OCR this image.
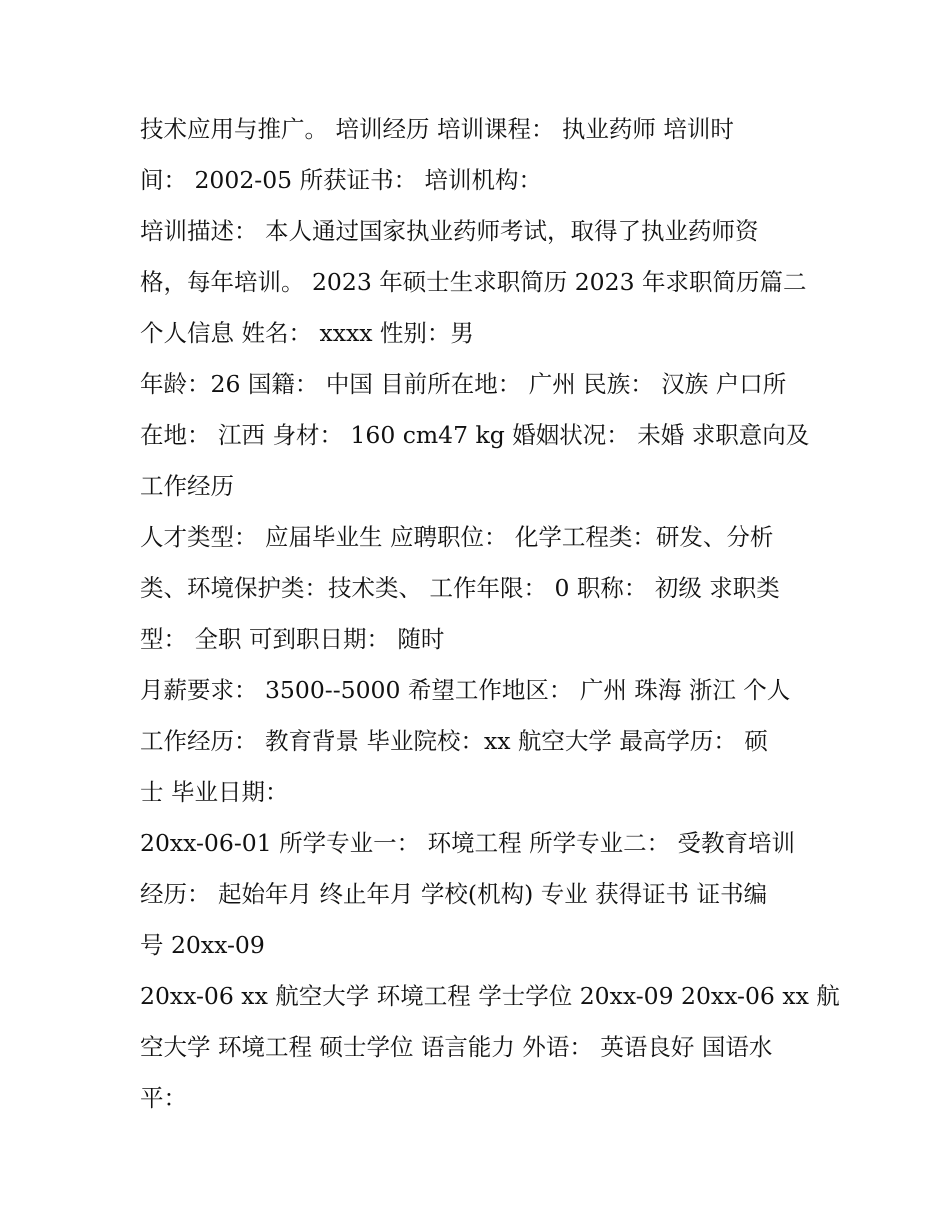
技术应用与推广。 培训经历 培训课程： 执业药师 培训时
间： 2002-05 所获证书： 培训机构：
培训描述： 本人通过国家执业药师考试，取得了执业药师资
格，每年培训。 2023 年硕士生求职简历 2023 年求职简历篇二
个人信息 姓名： xxxx 性别：男
年龄：26 国籍： 中国 目前所在地： 广州 民族： 汉族 户口所
在地： 江西 身材： 160 cm47 kg 婚姻状况： 未婚 求职意向及
工作经历
人才类型： 应届毕业生 应聘职位： 化学工程类：研发、分析
类、环境保护类：技术类、 工作年限： 0 职称： 初级 求职类
型： 全职 可到职日期： 随时
月薪要求： 3500--5000 希望工作地区： 广州 珠海 浙江 个人
工作经历： 教育背景 毕业院校：xx 航空大学 最高学历： 硕
士 毕业日期：
20xx-06-01 所学专业一： 环境工程 所学专业二： 受教育培训
经历： 起始年月 终止年月 学校(机构) 专业 获得证书 证书编
号 20xx-09
20xx-06 xx 航空大学 环境工程 学士学位 20xx-09 20xx-06 xx 航
空大学 环境工程 硕士学位 语言能力 外语： 英语良好 国语水
平：
